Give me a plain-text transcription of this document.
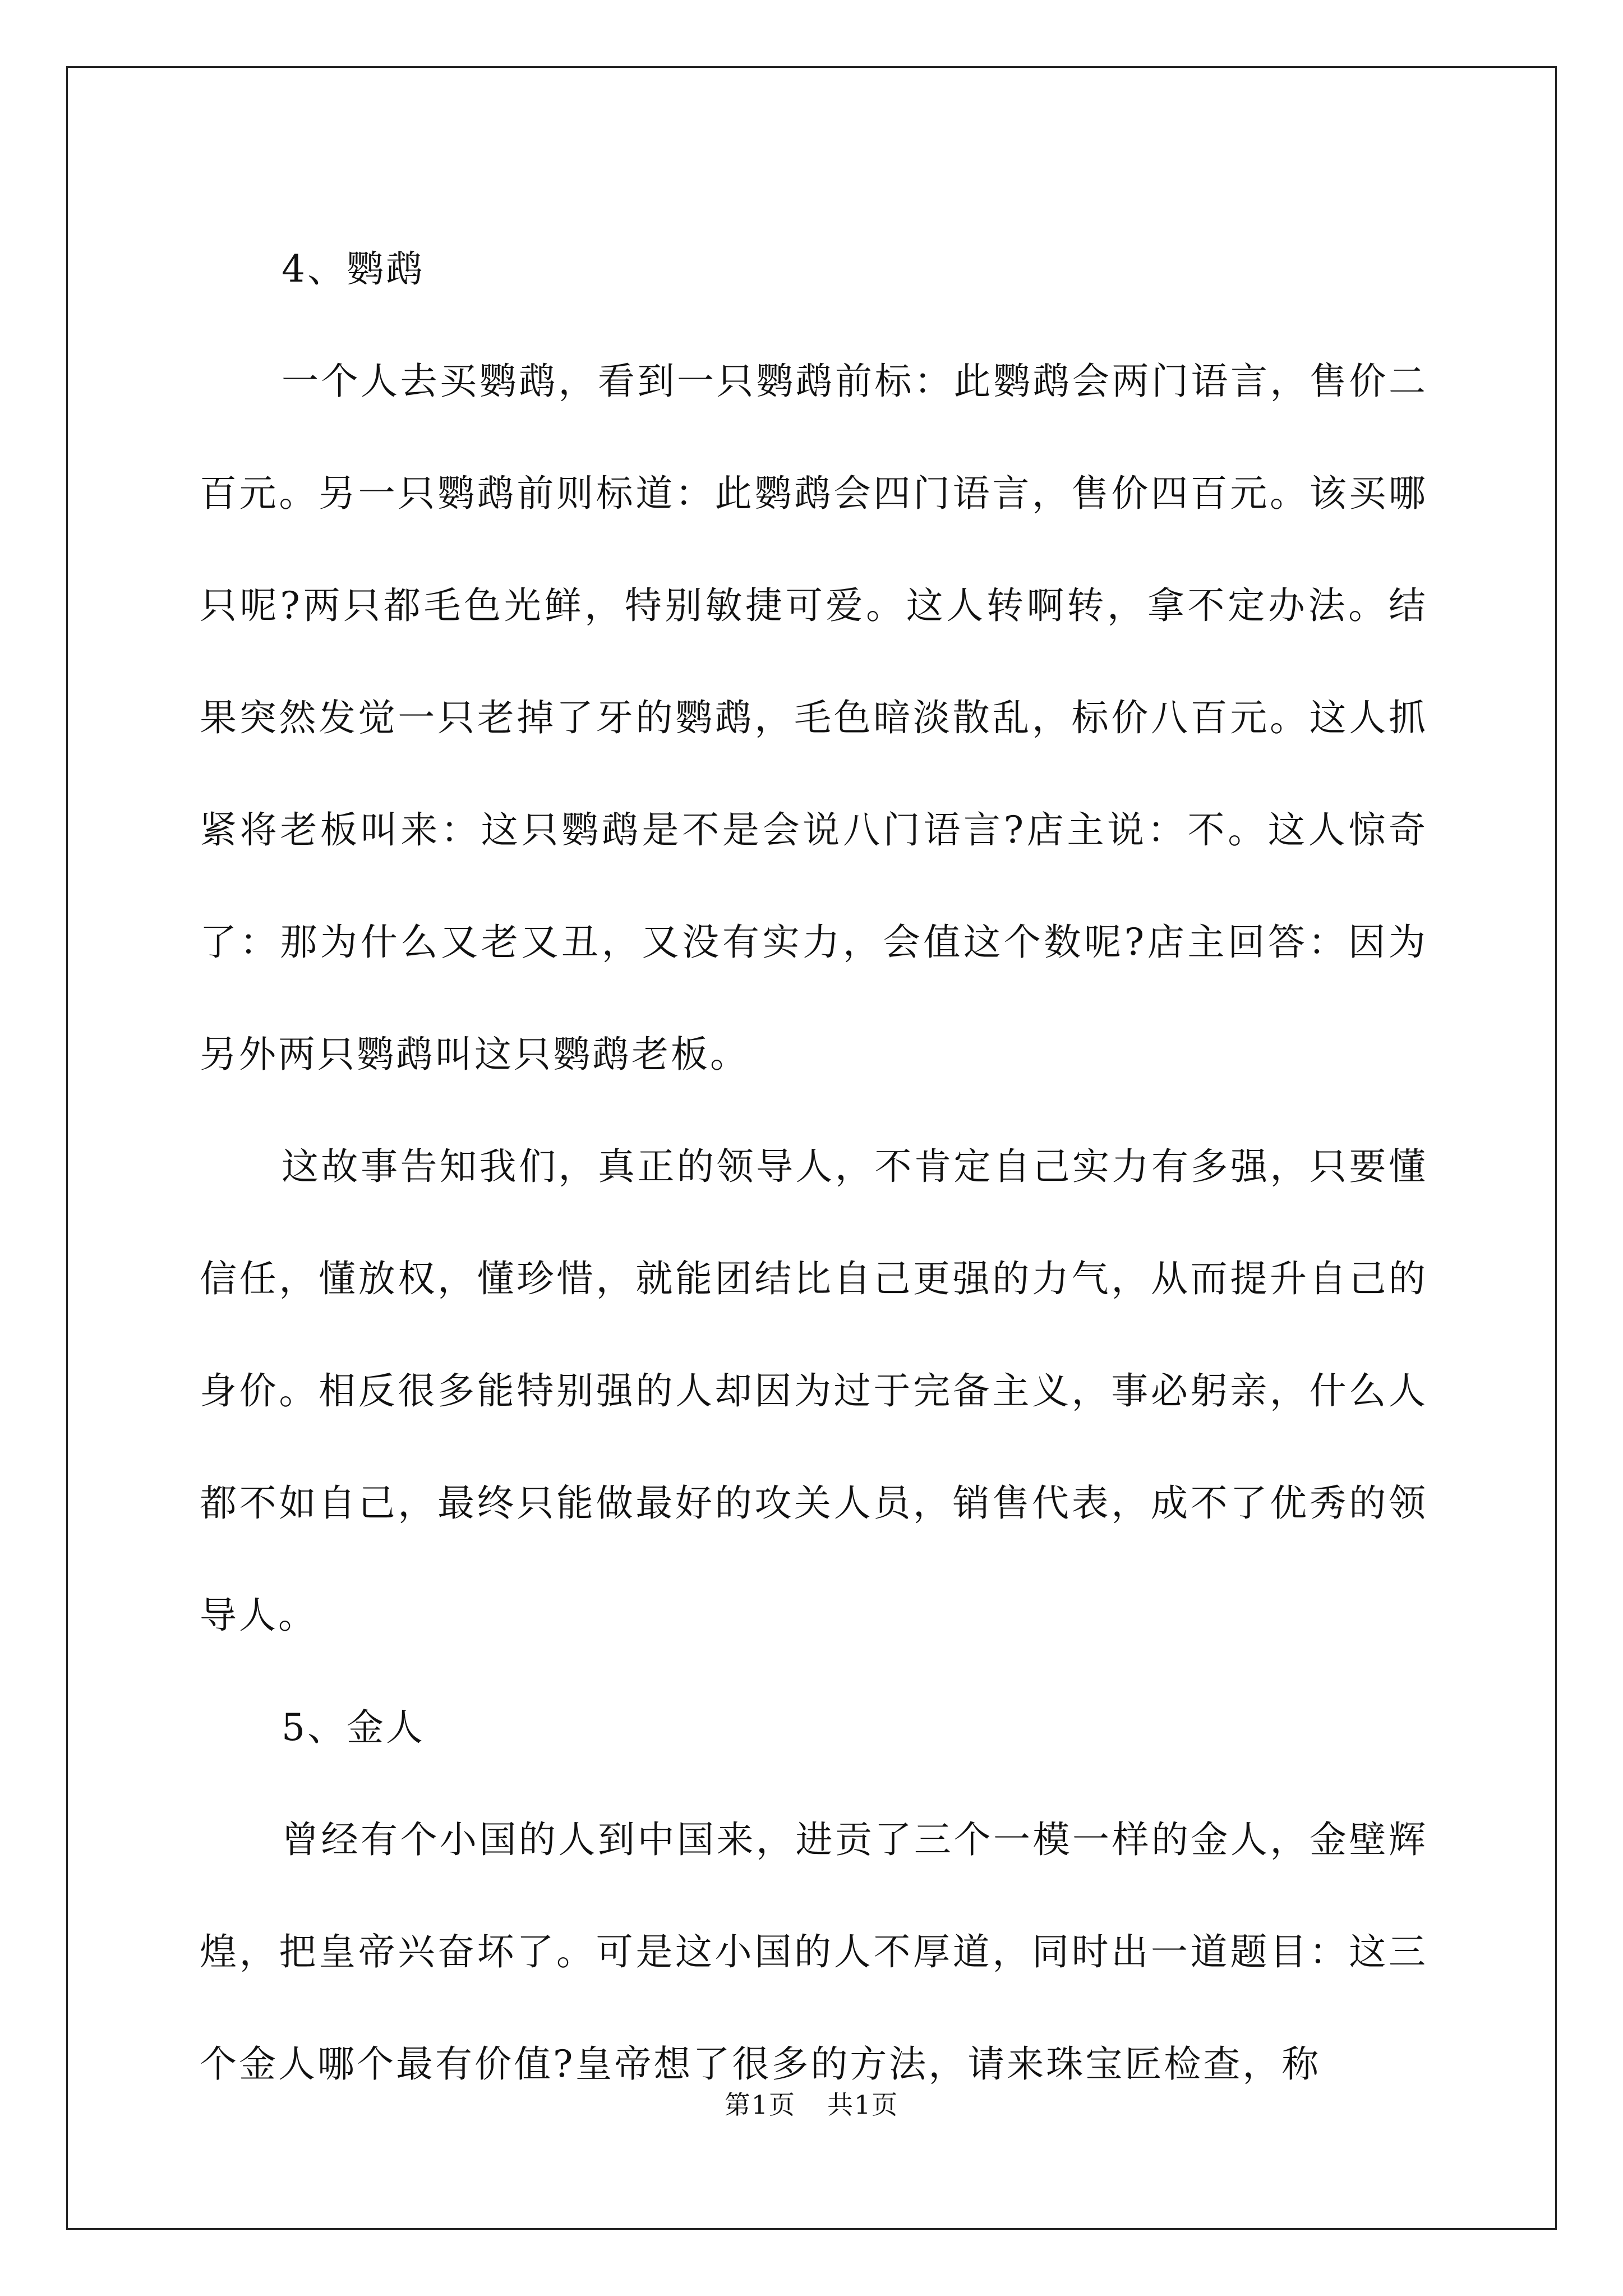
4、鹦鹉

一个人去买鹦鹉，看到一只鹦鹉前标：此鹦鹉会两门语言，售价二百元。另一只鹦鹉前则标道：此鹦鹉会四门语言，售价四百元。该买哪只呢?两只都毛色光鲜，特别敏捷可爱。这人转啊转，拿不定办法。结果突然发觉一只老掉了牙的鹦鹉，毛色暗淡散乱，标价八百元。这人抓紧将老板叫来：这只鹦鹉是不是会说八门语言?店主说：不。这人惊奇了：那为什么又老又丑，又没有实力，会值这个数呢?店主回答：因为另外两只鹦鹉叫这只鹦鹉老板。

这故事告知我们，真正的领导人，不肯定自己实力有多强，只要懂信任，懂放权，懂珍惜，就能团结比自己更强的力气，从而提升自己的身价。相反很多能特别强的人却因为过于完备主义，事必躬亲，什么人都不如自己，最终只能做最好的攻关人员，销售代表，成不了优秀的领导人。

5、金人

曾经有个小国的人到中国来，进贡了三个一模一样的金人，金壁辉煌，把皇帝兴奋坏了。可是这小国的人不厚道，同时出一道题目：这三个金人哪个最有价值?皇帝想了很多的方法，请来珠宝匠检查，称

第1页 共1页
